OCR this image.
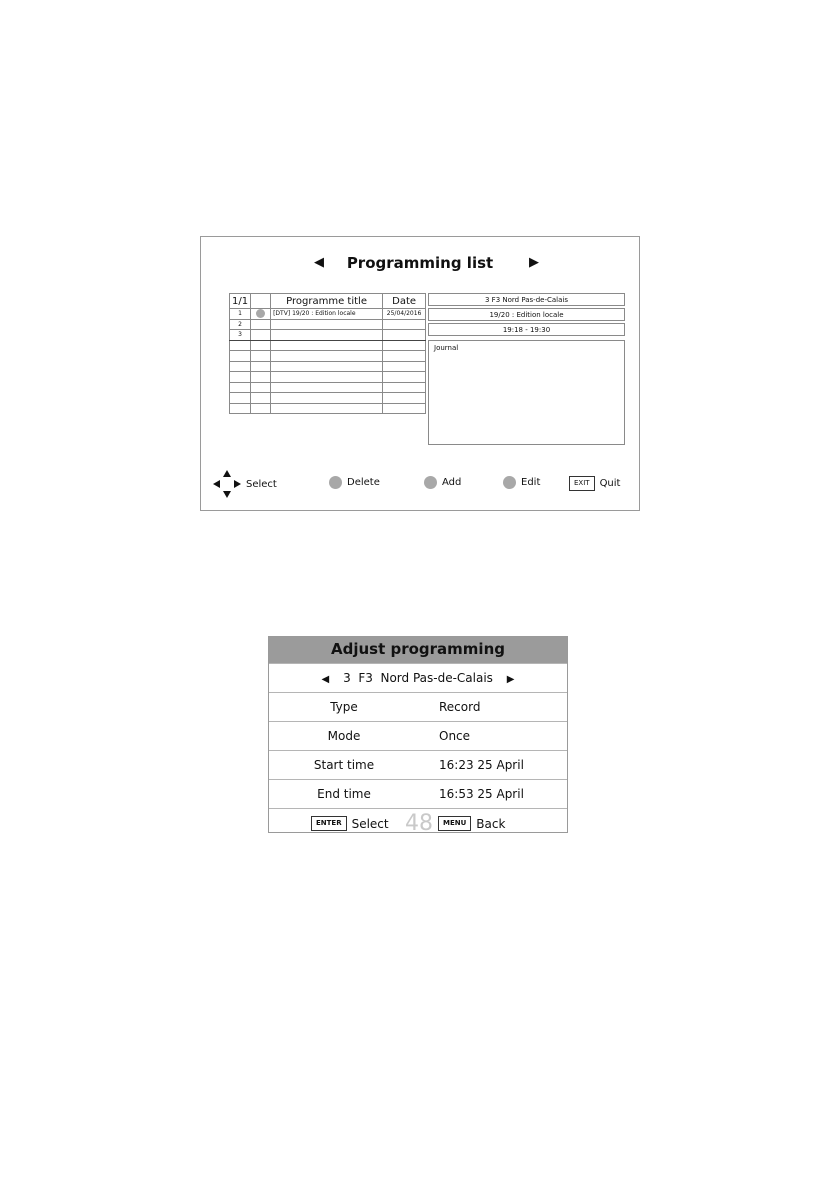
Programming list
◀	▶
1/1		Programme title	Date
1		[DTV] 19/20 : Edition locale	25/04/2016
2			
3			

3 F3 Nord Pas-de-Calais
19/20 : Edition locale
19:18 - 19:30
Journal
Select	Delete	Add	Edit	EXIT	Quit
Adjust programming
◀ 3  F3  Nord Pas-de-Calais ▶
Type	Record
Mode	Once
Start time	16:23 25 April
End time	16:53 25 April
ENTER Select 48	MENU Back
